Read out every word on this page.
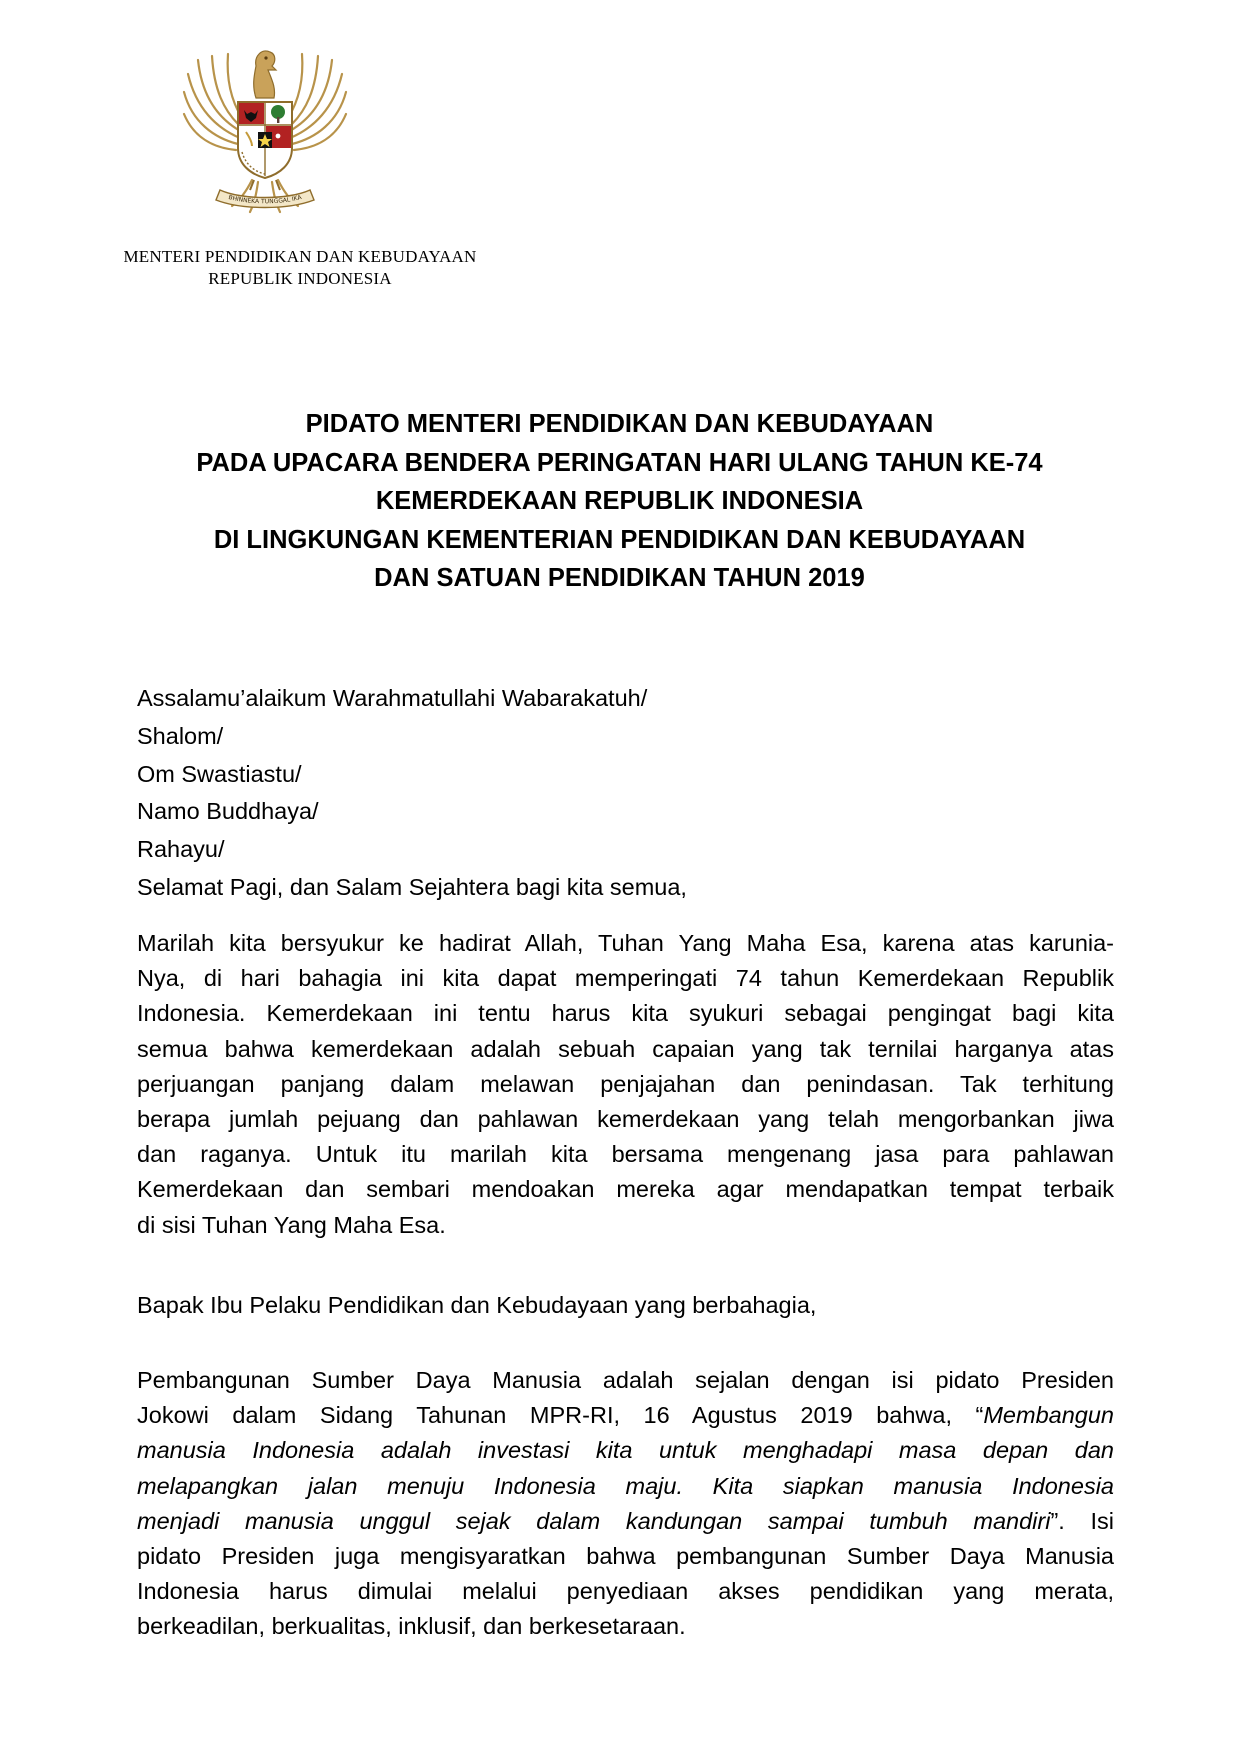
BHINNEKA TUNGGAL IKA
MENTERI PENDIDIKAN DAN KEBUDAYAAN
REPUBLIK INDONESIA
PIDATO MENTERI PENDIDIKAN DAN KEBUDAYAAN
PADA UPACARA BENDERA PERINGATAN HARI ULANG TAHUN KE-74
KEMERDEKAAN REPUBLIK INDONESIA
DI LINGKUNGAN KEMENTERIAN PENDIDIKAN DAN KEBUDAYAAN
DAN SATUAN PENDIDIKAN TAHUN 2019
Assalamu’alaikum Warahmatullahi Wabarakatuh/
Shalom/
Om Swastiastu/
Namo Buddhaya/
Rahayu/
Selamat Pagi, dan Salam Sejahtera bagi kita semua,
Marilah kita bersyukur ke hadirat Allah, Tuhan Yang Maha Esa, karena atas karunia-
Nya, di hari bahagia ini kita dapat memperingati 74 tahun Kemerdekaan Republik
Indonesia. Kemerdekaan ini tentu harus kita syukuri sebagai pengingat bagi kita
semua bahwa kemerdekaan adalah sebuah capaian yang tak ternilai harganya atas
perjuangan panjang dalam melawan penjajahan dan penindasan. Tak terhitung
berapa jumlah pejuang dan pahlawan kemerdekaan yang telah mengorbankan jiwa
dan raganya. Untuk itu marilah kita bersama mengenang jasa para pahlawan
Kemerdekaan dan sembari mendoakan mereka agar mendapatkan tempat terbaik
di sisi Tuhan Yang Maha Esa.
Bapak Ibu Pelaku Pendidikan dan Kebudayaan yang berbahagia,
Pembangunan Sumber Daya Manusia adalah sejalan dengan isi pidato Presiden
Jokowi dalam Sidang Tahunan MPR-RI, 16 Agustus 2019 bahwa, “Membangun
manusia Indonesia adalah investasi kita untuk menghadapi masa depan dan
melapangkan jalan menuju Indonesia maju. Kita siapkan manusia Indonesia
menjadi manusia unggul sejak dalam kandungan sampai tumbuh mandiri”. Isi
pidato Presiden juga mengisyaratkan bahwa pembangunan Sumber Daya Manusia
Indonesia harus dimulai melalui penyediaan akses pendidikan yang merata,
berkeadilan, berkualitas, inklusif, dan berkesetaraan.
